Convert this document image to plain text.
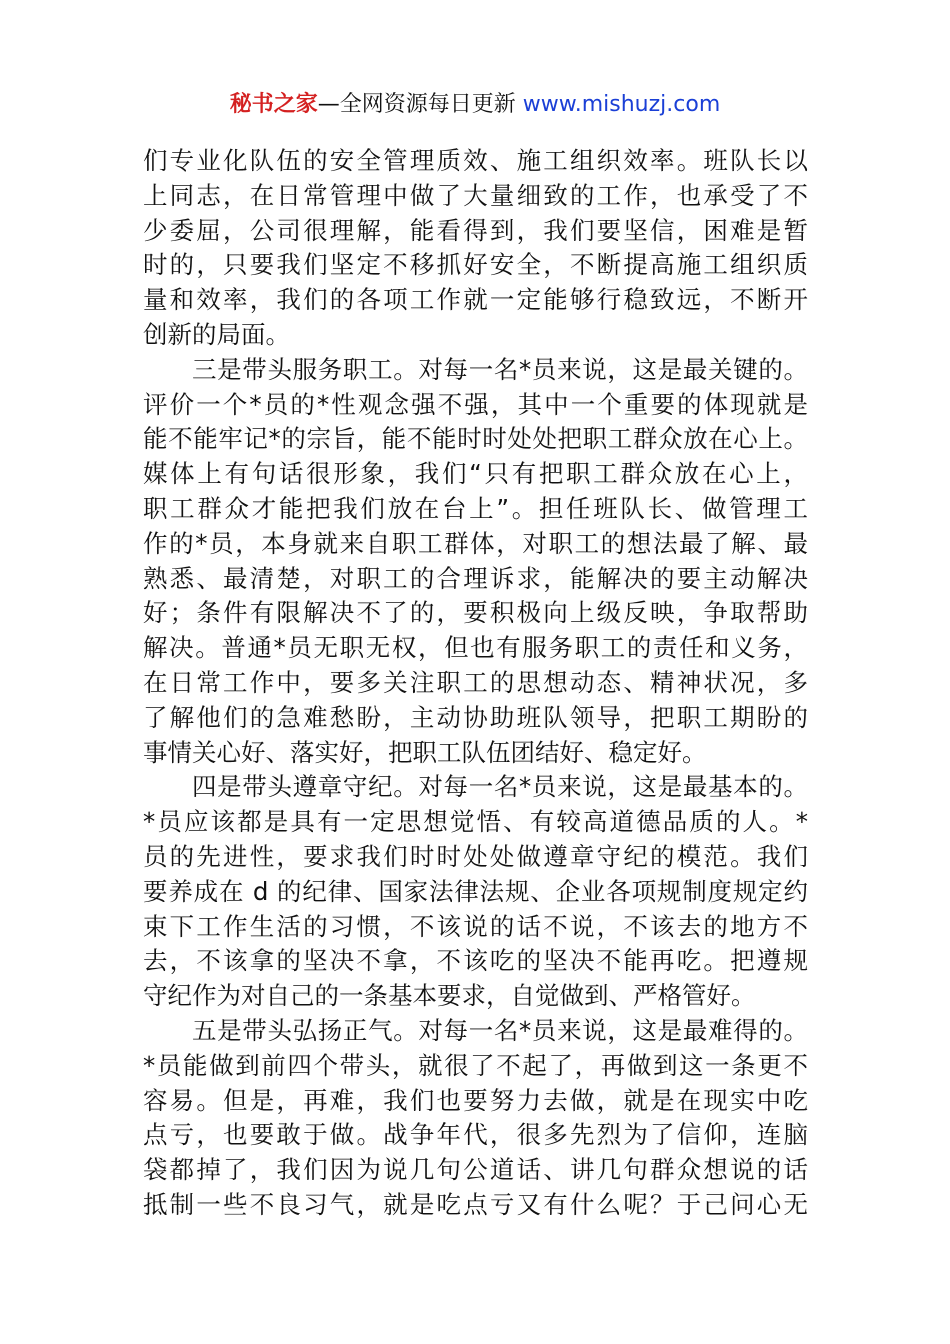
秘书之家—全网资源每日更新 www.mishuzj.com
们专业化队伍的安全管理质效、施工组织效率。班队长以
上同志，在日常管理中做了大量细致的工作，也承受了不
少委屈，公司很理解，能看得到，我们要坚信，困难是暂
时的，只要我们坚定不移抓好安全，不断提高施工组织质
量和效率，我们的各项工作就一定能够行稳致远，不断开
创新的局面。
三是带头服务职工。对每一名*员来说，这是最关键的。
评价一个*员的*性观念强不强，其中一个重要的体现就是
能不能牢记*的宗旨，能不能时时处处把职工群众放在心上。
媒体上有句话很形象，我们“只有把职工群众放在心上，
职工群众才能把我们放在台上”。担任班队长、做管理工
作的*员，本身就来自职工群体，对职工的想法最了解、最
熟悉、最清楚，对职工的合理诉求，能解决的要主动解决
好；条件有限解决不了的，要积极向上级反映，争取帮助
解决。普通*员无职无权，但也有服务职工的责任和义务，
在日常工作中，要多关注职工的思想动态、精神状况，多
了解他们的急难愁盼，主动协助班队领导，把职工期盼的
事情关心好、落实好，把职工队伍团结好、稳定好。
四是带头遵章守纪。对每一名*员来说，这是最基本的。
*员应该都是具有一定思想觉悟、有较高道德品质的人。*
员的先进性，要求我们时时处处做遵章守纪的模范。我们
要养成在 d 的纪律、国家法律法规、企业各项规制度规定约
束下工作生活的习惯，不该说的话不说，不该去的地方不
去，不该拿的坚决不拿，不该吃的坚决不能再吃。把遵规
守纪作为对自己的一条基本要求，自觉做到、严格管好。
五是带头弘扬正气。对每一名*员来说，这是最难得的。
*员能做到前四个带头，就很了不起了，再做到这一条更不
容易。但是，再难，我们也要努力去做，就是在现实中吃
点亏，也要敢于做。战争年代，很多先烈为了信仰，连脑
袋都掉了，我们因为说几句公道话、讲几句群众想说的话
抵制一些不良习气，就是吃点亏又有什么呢？于己问心无
